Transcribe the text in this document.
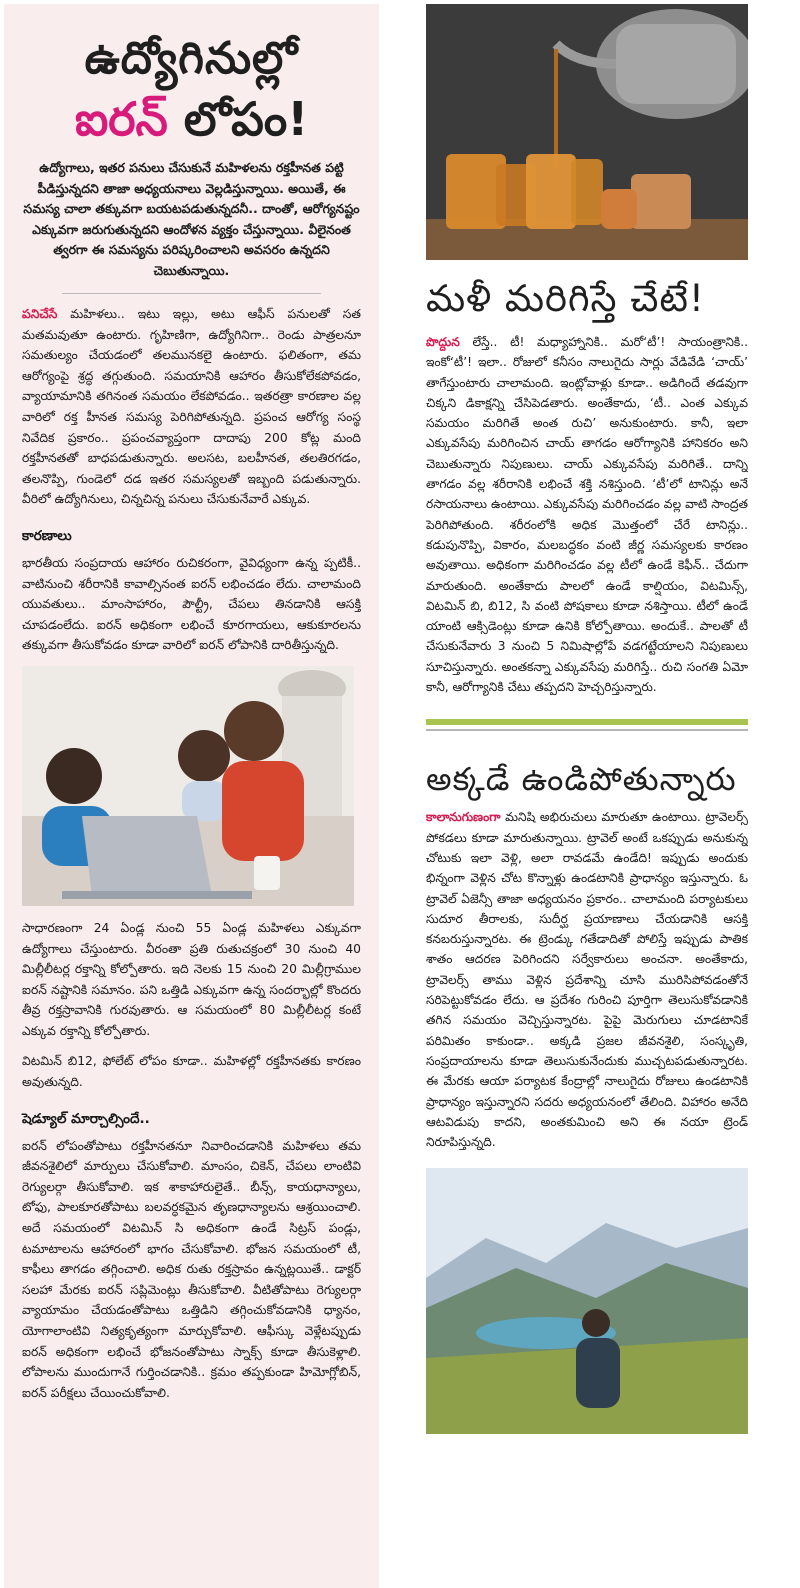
ఉద్యోగినుల్లో
ఐరన్ లోపం!

ఉద్యోగాలు, ఇతర పనులు చేసుకునే మహిళలను రక్తహీనత పట్టి పీడిస్తున్నదని తాజా అధ్యయనాలు వెల్లడిస్తున్నాయి. అయితే, ఈ సమస్య చాలా తక్కువగా బయటపడుతున్నదనీ.. దాంతో, ఆరోగ్యనష్టం ఎక్కువగా జరుగుతున్నదని ఆందోళన వ్యక్తం చేస్తున్నాయి. వీలైనంత త్వరగా ఈ సమస్యను పరిష్కరించాలని అవసరం ఉన్నదని చెబుతున్నాయి.

పనిచేసే మహిళలు.. ఇటు ఇల్లు, అటు ఆఫీస్ పనులతో సత మతమవుతూ ఉంటారు. గృహిణిగా, ఉద్యోగినిగా.. రెండు పాత్రలనూ సమతుల్యం చేయడంలో తలమునకలై ఉంటారు. ఫలితంగా, తమ ఆరోగ్యంపై శ్రద్ధ తగ్గుతుంది. సమయానికి ఆహారం తీసుకోలేకపోవడం, వ్యాయామానికి తగినంత సమయం లేకపోవడం.. ఇతరత్రా కారణాల వల్ల వారిలో రక్త హీనత సమస్య పెరిగిపోతున్నది. ప్రపంచ ఆరోగ్య సంస్థ నివేదిక ప్రకారం.. ప్రపంచవ్యాప్తంగా దాదాపు 200 కోట్ల మంది రక్తహీనతతో బాధపడుతున్నారు. అలసట, బలహీనత, తలతిరగడం, తలనొప్పి, గుండెలో దడ ఇతర సమస్యలతో ఇబ్బంది పడుతున్నారు. వీరిలో ఉద్యోగినులు, చిన్నచిన్న పనులు చేసుకునేవారే ఎక్కువ.

కారణాలు

భారతీయ సంప్రదాయ ఆహారం రుచికరంగా, వైవిధ్యంగా ఉన్న ప్పటికీ.. వాటినుంచి శరీరానికి కావాల్సినంత ఐరన్ లభించడం లేదు. చాలామంది యువతులు.. మాంసాహారం, పౌల్ట్రీ, చేపలు తినడానికి ఆసక్తి చూపడంలేదు. ఐరన్ అధికంగా లభించే కూరగాయలు, ఆకుకూరలను తక్కువగా తీసుకోవడం కూడా వారిలో ఐరన్ లోపానికి దారితీస్తున్నది.

సాధారణంగా 24 ఏండ్ల నుంచి 55 ఏండ్ల మహిళలు ఎక్కువగా ఉద్యోగాలు చేస్తుంటారు. వీరంతా ప్రతి రుతుచక్రంలో 30 నుంచి 40 మిల్లీలీటర్ల రక్తాన్ని కోల్పోతారు. ఇది నెలకు 15 నుంచి 20 మిల్లీగ్రాముల ఐరన్ నష్టానికి సమానం. పని ఒత్తిడి ఎక్కువగా ఉన్న సందర్భాల్లో కొందరు తీవ్ర రక్తస్రావానికి గురవుతారు. ఆ సమయంలో 80 మిల్లీలీటర్ల కంటే ఎక్కువ రక్తాన్ని కోల్పోతారు.

విటమిన్ బి12, ఫోలేట్ లోపం కూడా.. మహిళల్లో రక్తహీనతకు కారణం అవుతున్నది.

షెడ్యూల్ మార్చాల్సిందే..

ఐరన్ లోపంతోపాటు రక్తహీనతనూ నివారించడానికి మహిళలు తమ జీవనశైలిలో మార్పులు చేసుకోవాలి. మాంసం, చికెన్, చేపలు లాంటివి రెగ్యులర్గా తీసుకోవాలి. ఇక శాకాహారులైతే.. బీన్స్, కాయధాన్యాలు, టోఫు, పాలకూరతోపాటు బలవర్ధకమైన తృణధాన్యాలను ఆశ్రయించాలి. అదే సమయంలో విటమిన్ సి అధికంగా ఉండే సిట్రస్ పండ్లు, టమాటాలను ఆహారంలో భాగం చేసుకోవాలి. భోజన సమయంలో టీ, కాఫీలు తాగడం తగ్గించాలి. అధిక రుతు రక్తస్రావం ఉన్నట్లయితే.. డాక్టర్ సలహా మేరకు ఐరన్ సప్లిమెంట్లు తీసుకోవాలి. వీటితోపాటు రెగ్యులర్గా వ్యాయామం చేయడంతోపాటు ఒత్తిడిని తగ్గించుకోవడానికి ధ్యానం, యోగాలాంటివి నిత్యకృత్యంగా మార్చుకోవాలి. ఆఫీస్కు వెళ్లేటప్పుడు ఐరన్ అధికంగా లభించే భోజనంతోపాటు స్నాక్స్ కూడా తీసుకెళ్లాలి. లోపాలను ముందుగానే గుర్తించడానికి.. క్రమం తప్పకుండా హిమోగ్లోబిన్, ఐరన్ పరీక్షలు చేయించుకోవాలి.

మళీ మరిగిస్తే చేటే!

పొద్దున లేస్తే.. టీ! మధ్యాహ్నానికి.. మరో‘టీ’! సాయంత్రానికి.. ఇంకో‘టీ’! ఇలా.. రోజులో కనీసం నాలుగైదు సార్లు వేడివేడి ‘చాయ్’ తాగేస్తుంటారు చాలామంది. ఇంట్లోవాళ్లు కూడా.. అడిగిందే తడవుగా చిక్కని డికాక్షన్ని చేసిపెడతారు. అంతేకాదు, ‘టీ.. ఎంత ఎక్కువ సమయం మరిగితే అంత రుచి’ అనుకుంటారు. కానీ, ఇలా ఎక్కువసేపు మరిగించిన చాయ్ తాగడం ఆరోగ్యానికి హానికరం అని చెబుతున్నారు నిపుణులు. చాయ్ ఎక్కువసేపు మరిగితే.. దాన్ని తాగడం వల్ల శరీరానికి లభించే శక్తి నశిస్తుంది. ‘టీ’లో టానిన్లు అనే రసాయనాలు ఉంటాయి. ఎక్కువసేపు మరిగించడం వల్ల వాటి సాంద్రత పెరిగిపోతుంది. శరీరంలోకి అధిక మొత్తంలో చేరే టానిన్లు.. కడుపునొప్పి, వికారం, మలబద్ధకం వంటి జీర్ణ సమస్యలకు కారణం అవుతాయి. అధికంగా మరిగించడం వల్ల టీలో ఉండే కెఫీన్.. చేదుగా మారుతుంది. అంతేకాదు పాలలో ఉండే కాల్షియం, విటమిన్స్, విటమిన్ బి, బి12, సి వంటి పోషకాలు కూడా నశిస్తాయి. టీలో ఉండే యాంటి ఆక్సిడెంట్లు కూడా ఉనికి కోల్పోతాయి. అందుకే.. పాలతో టీ చేసుకునేవారు 3 నుంచి 5 నిమిషాల్లోపే వడగట్టేయాలని నిపుణులు సూచిస్తున్నారు. అంతకన్నా ఎక్కువసేపు మరిగిస్తే.. రుచి సంగతి ఏమో కానీ, ఆరోగ్యానికి చేటు తప్పదని హెచ్చరిస్తున్నారు.

అక్కడే ఉండిపోతున్నారు

కాలానుగుణంగా మనిషి అభిరుచులు మారుతూ ఉంటాయి. ట్రావెలర్స్ పోకడలు కూడా మారుతున్నాయి. ట్రావెల్ అంటే ఒకప్పుడు అనుకున్న చోటుకు ఇలా వెళ్లి, అలా రావడమే ఉండేది! ఇప్పుడు అందుకు భిన్నంగా వెళ్లిన చోట కొన్నాళ్లు ఉండటానికి ప్రాధాన్యం ఇస్తున్నారు. ఓ ట్రావెల్ ఏజెన్సీ తాజా అధ్యయనం ప్రకారం.. చాలామంది పర్యాటకులు సుదూర తీరాలకు, సుదీర్ఘ ప్రయాణాలు చేయడానికి ఆసక్తి కనబరుస్తున్నారట. ఈ ట్రెండ్కు గతేడాదితో పోలిస్తే ఇప్పుడు పాతిక శాతం ఆదరణ పెరిగిందని సర్వేకారులు అంచనా. అంతేకాదు, ట్రావెలర్స్ తాము వెళ్లిన ప్రదేశాన్ని చూసి మురిసిపోవడంతోనే సరిపెట్టుకోవడం లేదు. ఆ ప్రదేశం గురించి పూర్తిగా తెలుసుకోవడానికి తగిన సమయం వెచ్చిస్తున్నారట. పైపై మెరుగులు చూడటానికే పరిమితం కాకుండా.. అక్కడి ప్రజల జీవనశైలి, సంస్కృతి, సంప్రదాయాలను కూడా తెలుసుకునేందుకు ముచ్చటపడుతున్నారట. ఈ మేరకు ఆయా పర్యాటక కేంద్రాల్లో నాలుగైదు రోజులు ఉండటానికి ప్రాధాన్యం ఇస్తున్నారని సదరు అధ్యయనంలో తేలింది. విహారం అనేది ఆటవిడుపు కాదని, అంతకుమించి అని ఈ నయా ట్రెండ్ నిరూపిస్తున్నది.
